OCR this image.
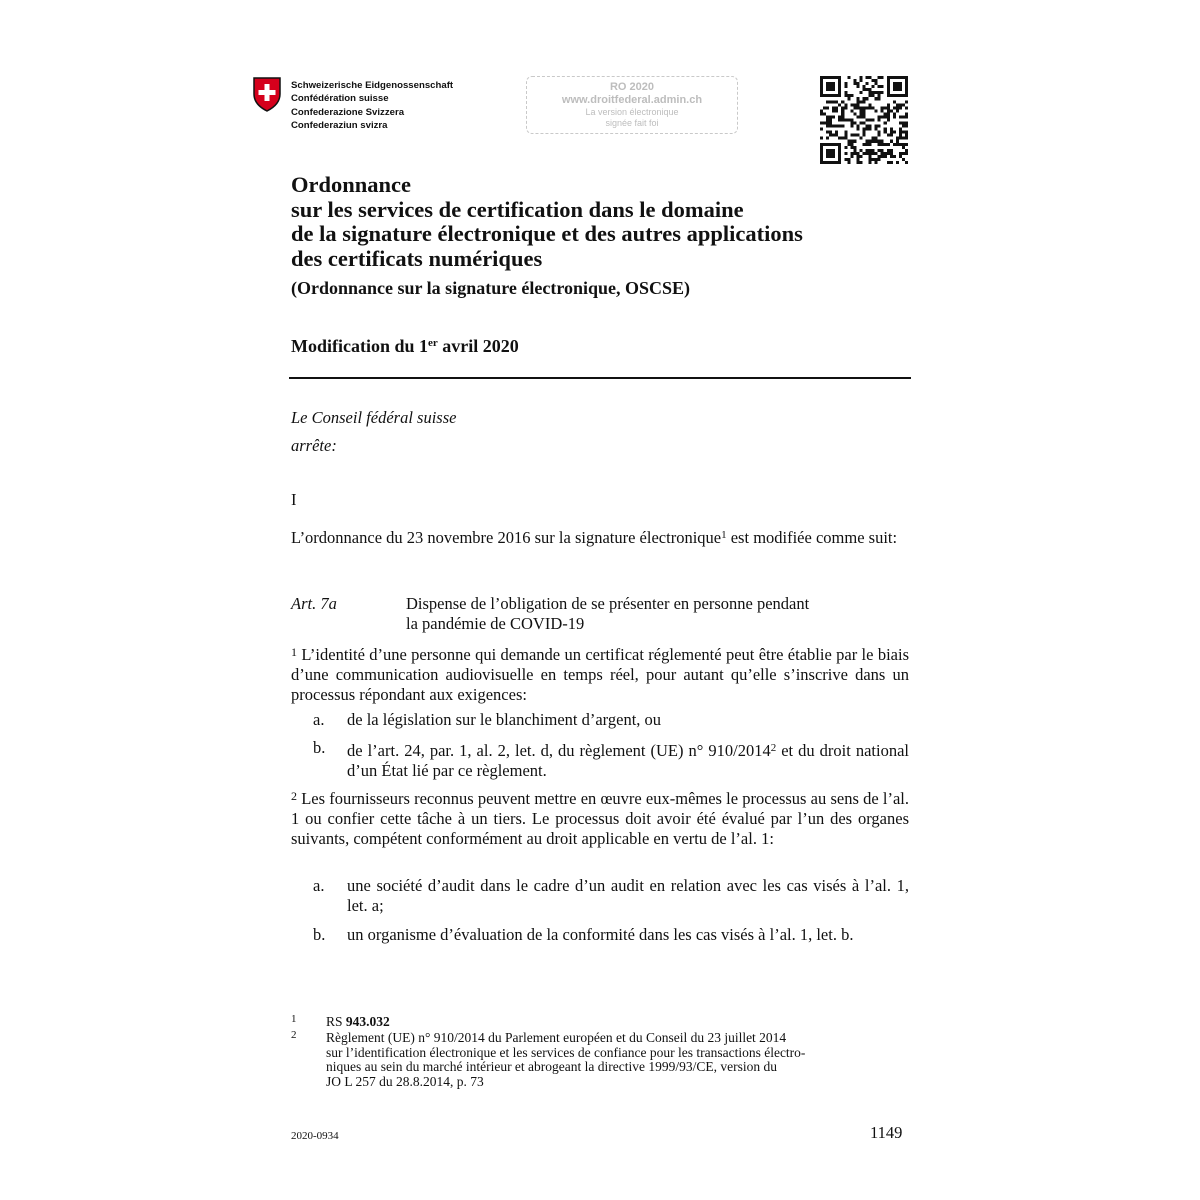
Schweizerische Eidgenossenschaft
Confédération suisse
Confederazione Svizzera
Confederaziun svizra
RO 2020
www.droitfederal.admin.ch
La version électronique
signée fait foi
Ordonnance
sur les services de certification dans le domaine
de la signature électronique et des autres applications
des certificats numériques
(Ordonnance sur la signature électronique, OSCSE)
Modification du 1er avril 2020
Le Conseil fédéral suisse
arrête:
I
L’ordonnance du 23 novembre 2016 sur la signature électronique$^1$ est modifiée comme suit:
Art. 7a	Dispense de l’obligation de se présenter en personne pendant
la pandémie de COVID-19
$^1$ L’identité d’une personne qui demande un certificat réglementé peut être établie par le biais d’une communication audiovisuelle en temps réel, pour autant qu’elle s’inscrive dans un processus répondant aux exigences:
a. de la législation sur le blanchiment d’argent, ou
b. de l’art. 24, par. 1, al. 2, let. d, du règlement (UE) n° 910/2014$^2$ et du droit national d’un État lié par ce règlement.
$^2$ Les fournisseurs reconnus peuvent mettre en œuvre eux-mêmes le processus au sens de l’al. 1 ou confier cette tâche à un tiers. Le processus doit avoir été évalué par l’un des organes suivants, compétent conformément au droit applicable en vertu de l’al. 1:
a. une société d’audit dans le cadre d’un audit en relation avec les cas visés à l’al. 1, let. a;
b. un organisme d’évaluation de la conformité dans les cas visés à l’al. 1, let. b.
1 RS 943.032
2 Règlement (UE) n° 910/2014 du Parlement européen et du Conseil du 23 juillet 2014
sur l’identification électronique et les services de confiance pour les transactions électro-
niques au sein du marché intérieur et abrogeant la directive 1999/93/CE, version du
JO L 257 du 28.8.2014, p. 73
2020-0934	1149
